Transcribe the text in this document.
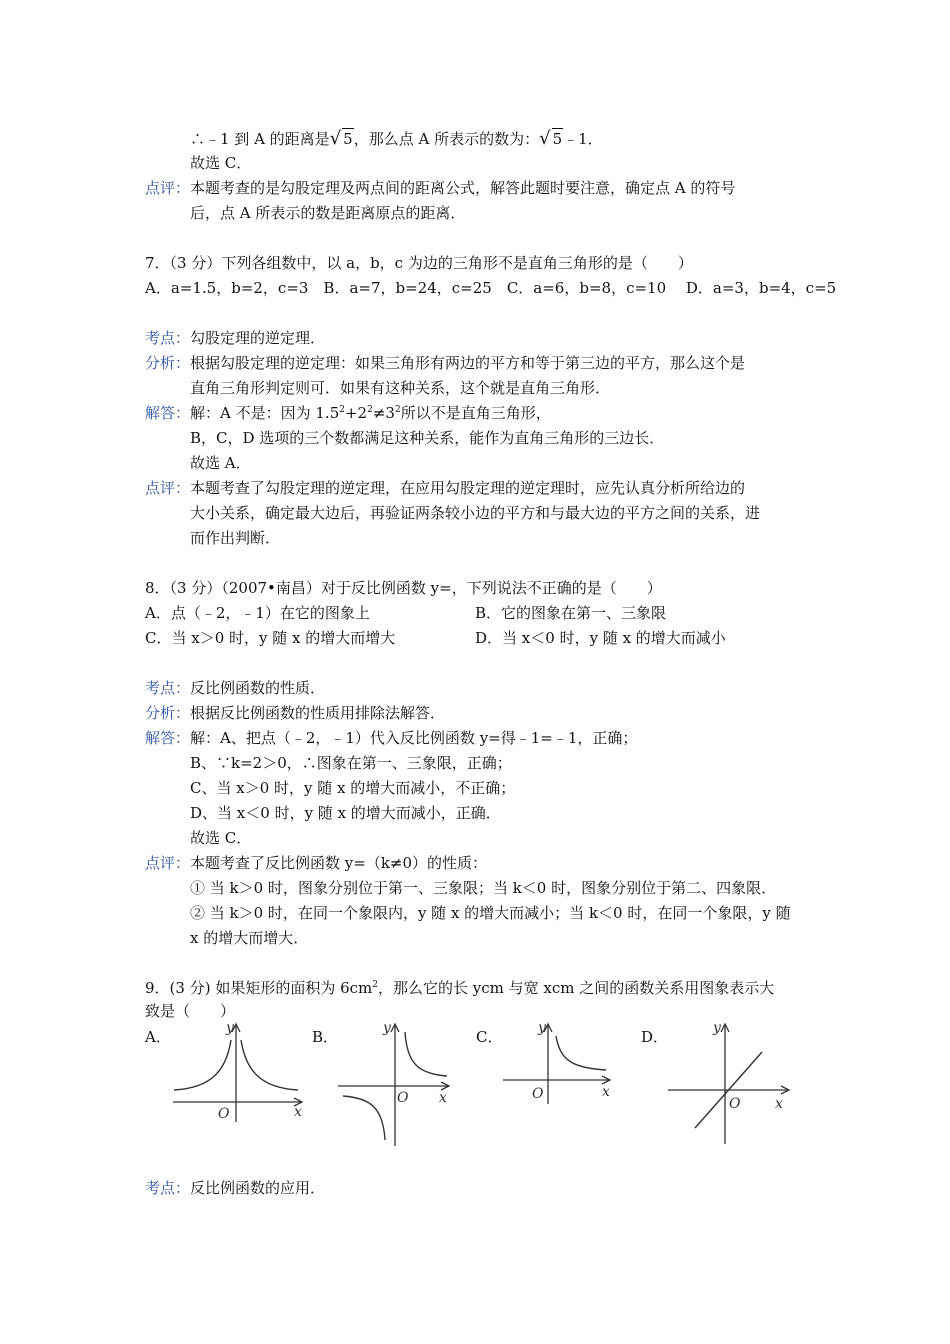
∴﹣1 到 A 的距离是√ 5，那么点 A 所表示的数为：√ 5﹣1．
故选 C．
点评：本题考查的是勾股定理及两点间的距离公式，解答此题时要注意，确定点 A 的符号
后，点 A 所表示的数是距离原点的距离．
7．（3 分）下列各组数中，以 a，b，c 为边的三角形不是直角三角形的是（　　）
A．a=1.5，b=2，c=3　B．a=7，b=24，c=25　C．a=6，b=8，c=10　 D．a=3，b=4，c=5
考点：勾股定理的逆定理．
分析：根据勾股定理的逆定理：如果三角形有两边的平方和等于第三边的平方，那么这个是
直角三角形判定则可．如果有这种关系，这个就是直角三角形．
解答：解：A 不是：因为 $1.5^2+2^2\ne 3^2$所以不是直角三角形，
B，C，D 选项的三个数都满足这种关系，能作为直角三角形的三边长．
故选 A．
点评：本题考查了勾股定理的逆定理，在应用勾股定理的逆定理时，应先认真分析所给边的
大小关系，确定最大边后，再验证两条较小边的平方和与最大边的平方之间的关系，进
而作出判断．
8．（3 分）（2007•南昌）对于反比例函数 y=，下列说法不正确的是（　　）
A．点（﹣2，﹣1）在它的图象上	B．它的图象在第一、三象限
C．当 x＞0 时，y 随 x 的增大而增大	D．当 x＜0 时，y 随 x 的增大而减小
考点：反比例函数的性质．
分析：根据反比例函数的性质用排除法解答．
解答：解：A、把点（﹣2，﹣1）代入反比例函数 y=得﹣1=﹣1，正确；
B、∵k=2＞0，∴图象在第一、三象限，正确；
C、当 x＞0 时，y 随 x 的增大而减小，不正确；
D、当 x＜0 时，y 随 x 的增大而减小，正确．
故选 C．
点评：本题考查了反比例函数 y=（k≠0）的性质：
① 当 k＞0 时，图象分别位于第一、三象限；当 k＜0 时，图象分别位于第二、四象限．
② 当 k＞0 时，在同一个象限内，y 随 x 的增大而减小；当 k＜0 时，在同一个象限，y 随
x 的增大而增大．
9．(3 分) 如果矩形的面积为 $6cm^2$，那么它的长 ycm 与宽 xcm 之间的函数关系用图象表示大
致是（　　）
A．	B．	C．	D．
y
x
O
y
x
O
y
x
O
y
x
O
考点：反比例函数的应用．
